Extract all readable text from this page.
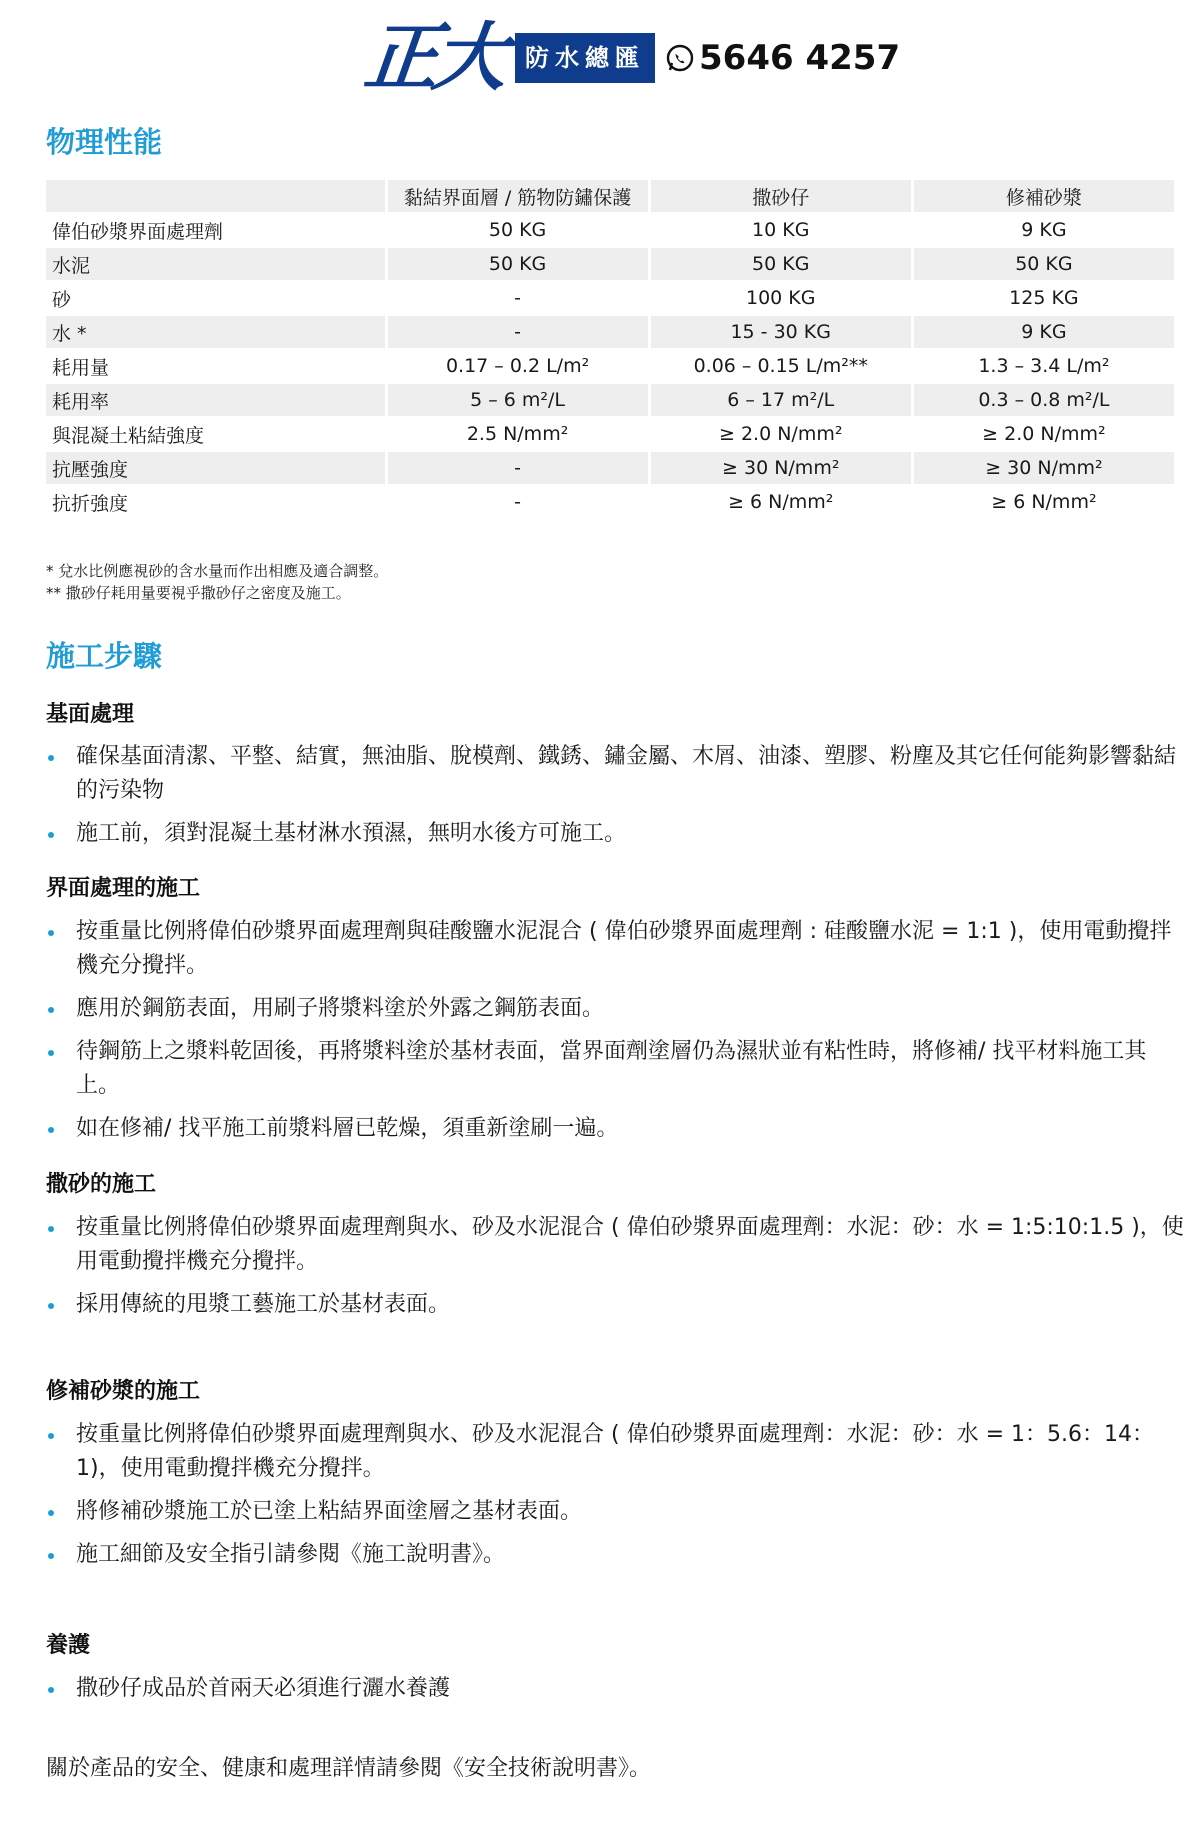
正大 防水總匯 5646 4257
物理性能
	黏結界面層 / 筋物防鏽保護	撒砂仔	修補砂漿
偉伯砂漿界面處理劑	50 KG	10 KG	9 KG
水泥	50 KG	50 KG	50 KG
砂	-	100 KG	125 KG
水 *	-	15 - 30 KG	9 KG
耗用量	0.17 – 0.2 L/m²	0.06 – 0.15 L/m²**	1.3 – 3.4 L/m²
耗用率	5 – 6 m²/L	6 – 17 m²/L	0.3 – 0.8 m²/L
與混凝土粘結強度	2.5 N/mm²	≥ 2.0 N/mm²	≥ 2.0 N/mm²
抗壓強度	-	≥ 30 N/mm²	≥ 30 N/mm²
抗折強度	-	≥ 6 N/mm²	≥ 6 N/mm²
* 兌水比例應視砂的含水量而作出相應及適合調整。
** 撒砂仔耗用量要視乎撒砂仔之密度及施工。
施工步驟
基面處理
確保基面清潔、平整、結實，無油脂、脫模劑、鐵銹、鏽金屬、木屑、油漆、塑膠、粉塵及其它任何能夠影響黏結的污染物
施工前，須對混凝土基材淋水預濕，無明水後方可施工。
界面處理的施工
按重量比例將偉伯砂漿界面處理劑與硅酸鹽水泥混合 ( 偉伯砂漿界面處理劑 : 硅酸鹽水泥 = 1:1 )，使用電動攪拌機充分攪拌。
應用於鋼筋表面，用刷子將漿料塗於外露之鋼筋表面。
待鋼筋上之漿料乾固後，再將漿料塗於基材表面，當界面劑塗層仍為濕狀並有粘性時，將修補/ 找平材料施工其上。
如在修補/ 找平施工前漿料層已乾燥，須重新塗刷一遍。
撒砂的施工
按重量比例將偉伯砂漿界面處理劑與水、砂及水泥混合 ( 偉伯砂漿界面處理劑：水泥：砂：水 = 1:5:10:1.5 )，使用電動攪拌機充分攪拌。
採用傳統的甩漿工藝施工於基材表面。
修補砂漿的施工
按重量比例將偉伯砂漿界面處理劑與水、砂及水泥混合 ( 偉伯砂漿界面處理劑：水泥：砂：水 = 1：5.6：14：1)，使用電動攪拌機充分攪拌。
將修補砂漿施工於已塗上粘結界面塗層之基材表面。
施工細節及安全指引請參閱《施工說明書》。
養護
撒砂仔成品於首兩天必須進行灑水養護
關於產品的安全、健康和處理詳情請參閱《安全技術說明書》。
